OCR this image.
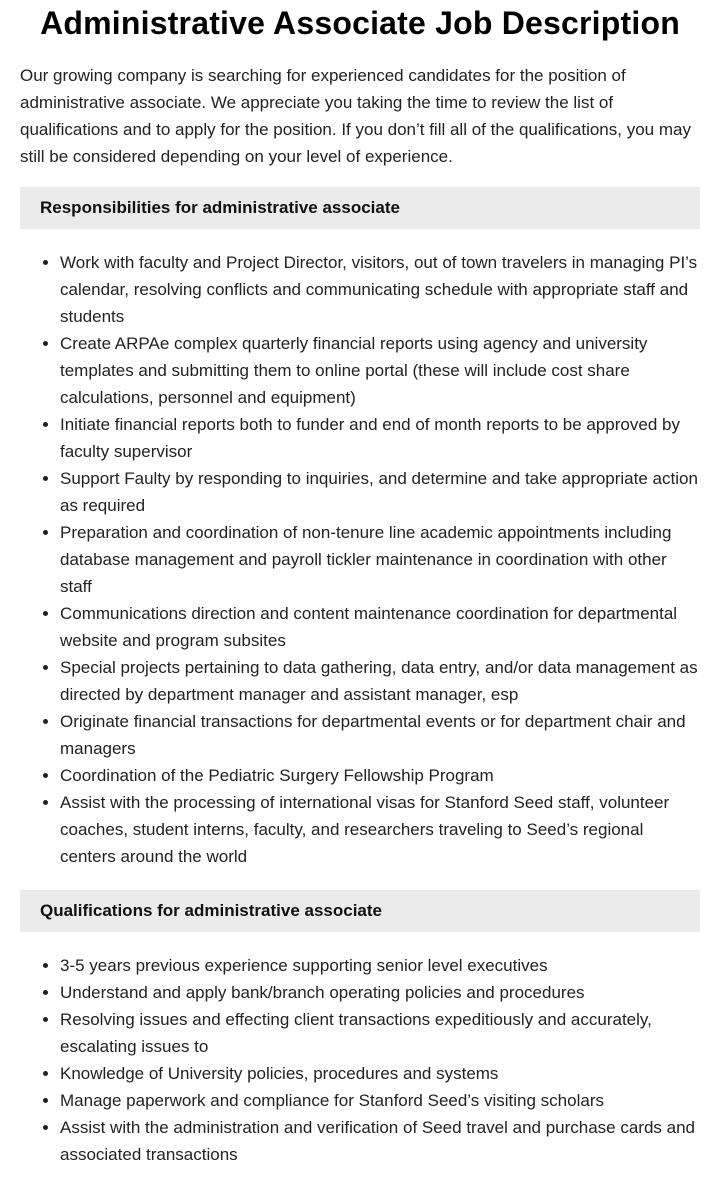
Administrative Associate Job Description

Our growing company is searching for experienced candidates for the position of administrative associate. We appreciate you taking the time to review the list of qualifications and to apply for the position. If you don’t fill all of the qualifications, you may still be considered depending on your level of experience.

Responsibilities for administrative associate
• Work with faculty and Project Director, visitors, out of town travelers in managing PI’s calendar, resolving conflicts and communicating schedule with appropriate staff and students
• Create ARPAe complex quarterly financial reports using agency and university templates and submitting them to online portal (these will include cost share calculations, personnel and equipment)
• Initiate financial reports both to funder and end of month reports to be approved by faculty supervisor
• Support Faulty by responding to inquiries, and determine and take appropriate action as required
• Preparation and coordination of non-tenure line academic appointments including database management and payroll tickler maintenance in coordination with other staff
• Communications direction and content maintenance coordination for departmental website and program subsites
• Special projects pertaining to data gathering, data entry, and/or data management as directed by department manager and assistant manager, esp
• Originate financial transactions for departmental events or for department chair and managers
• Coordination of the Pediatric Surgery Fellowship Program
• Assist with the processing of international visas for Stanford Seed staff, volunteer coaches, student interns, faculty, and researchers traveling to Seed’s regional centers around the world
Qualifications for administrative associate
• 3-5 years previous experience supporting senior level executives
• Understand and apply bank/branch operating policies and procedures
• Resolving issues and effecting client transactions expeditiously and accurately, escalating issues to
• Knowledge of University policies, procedures and systems
• Manage paperwork and compliance for Stanford Seed’s visiting scholars
• Assist with the administration and verification of Seed travel and purchase cards and associated transactions
